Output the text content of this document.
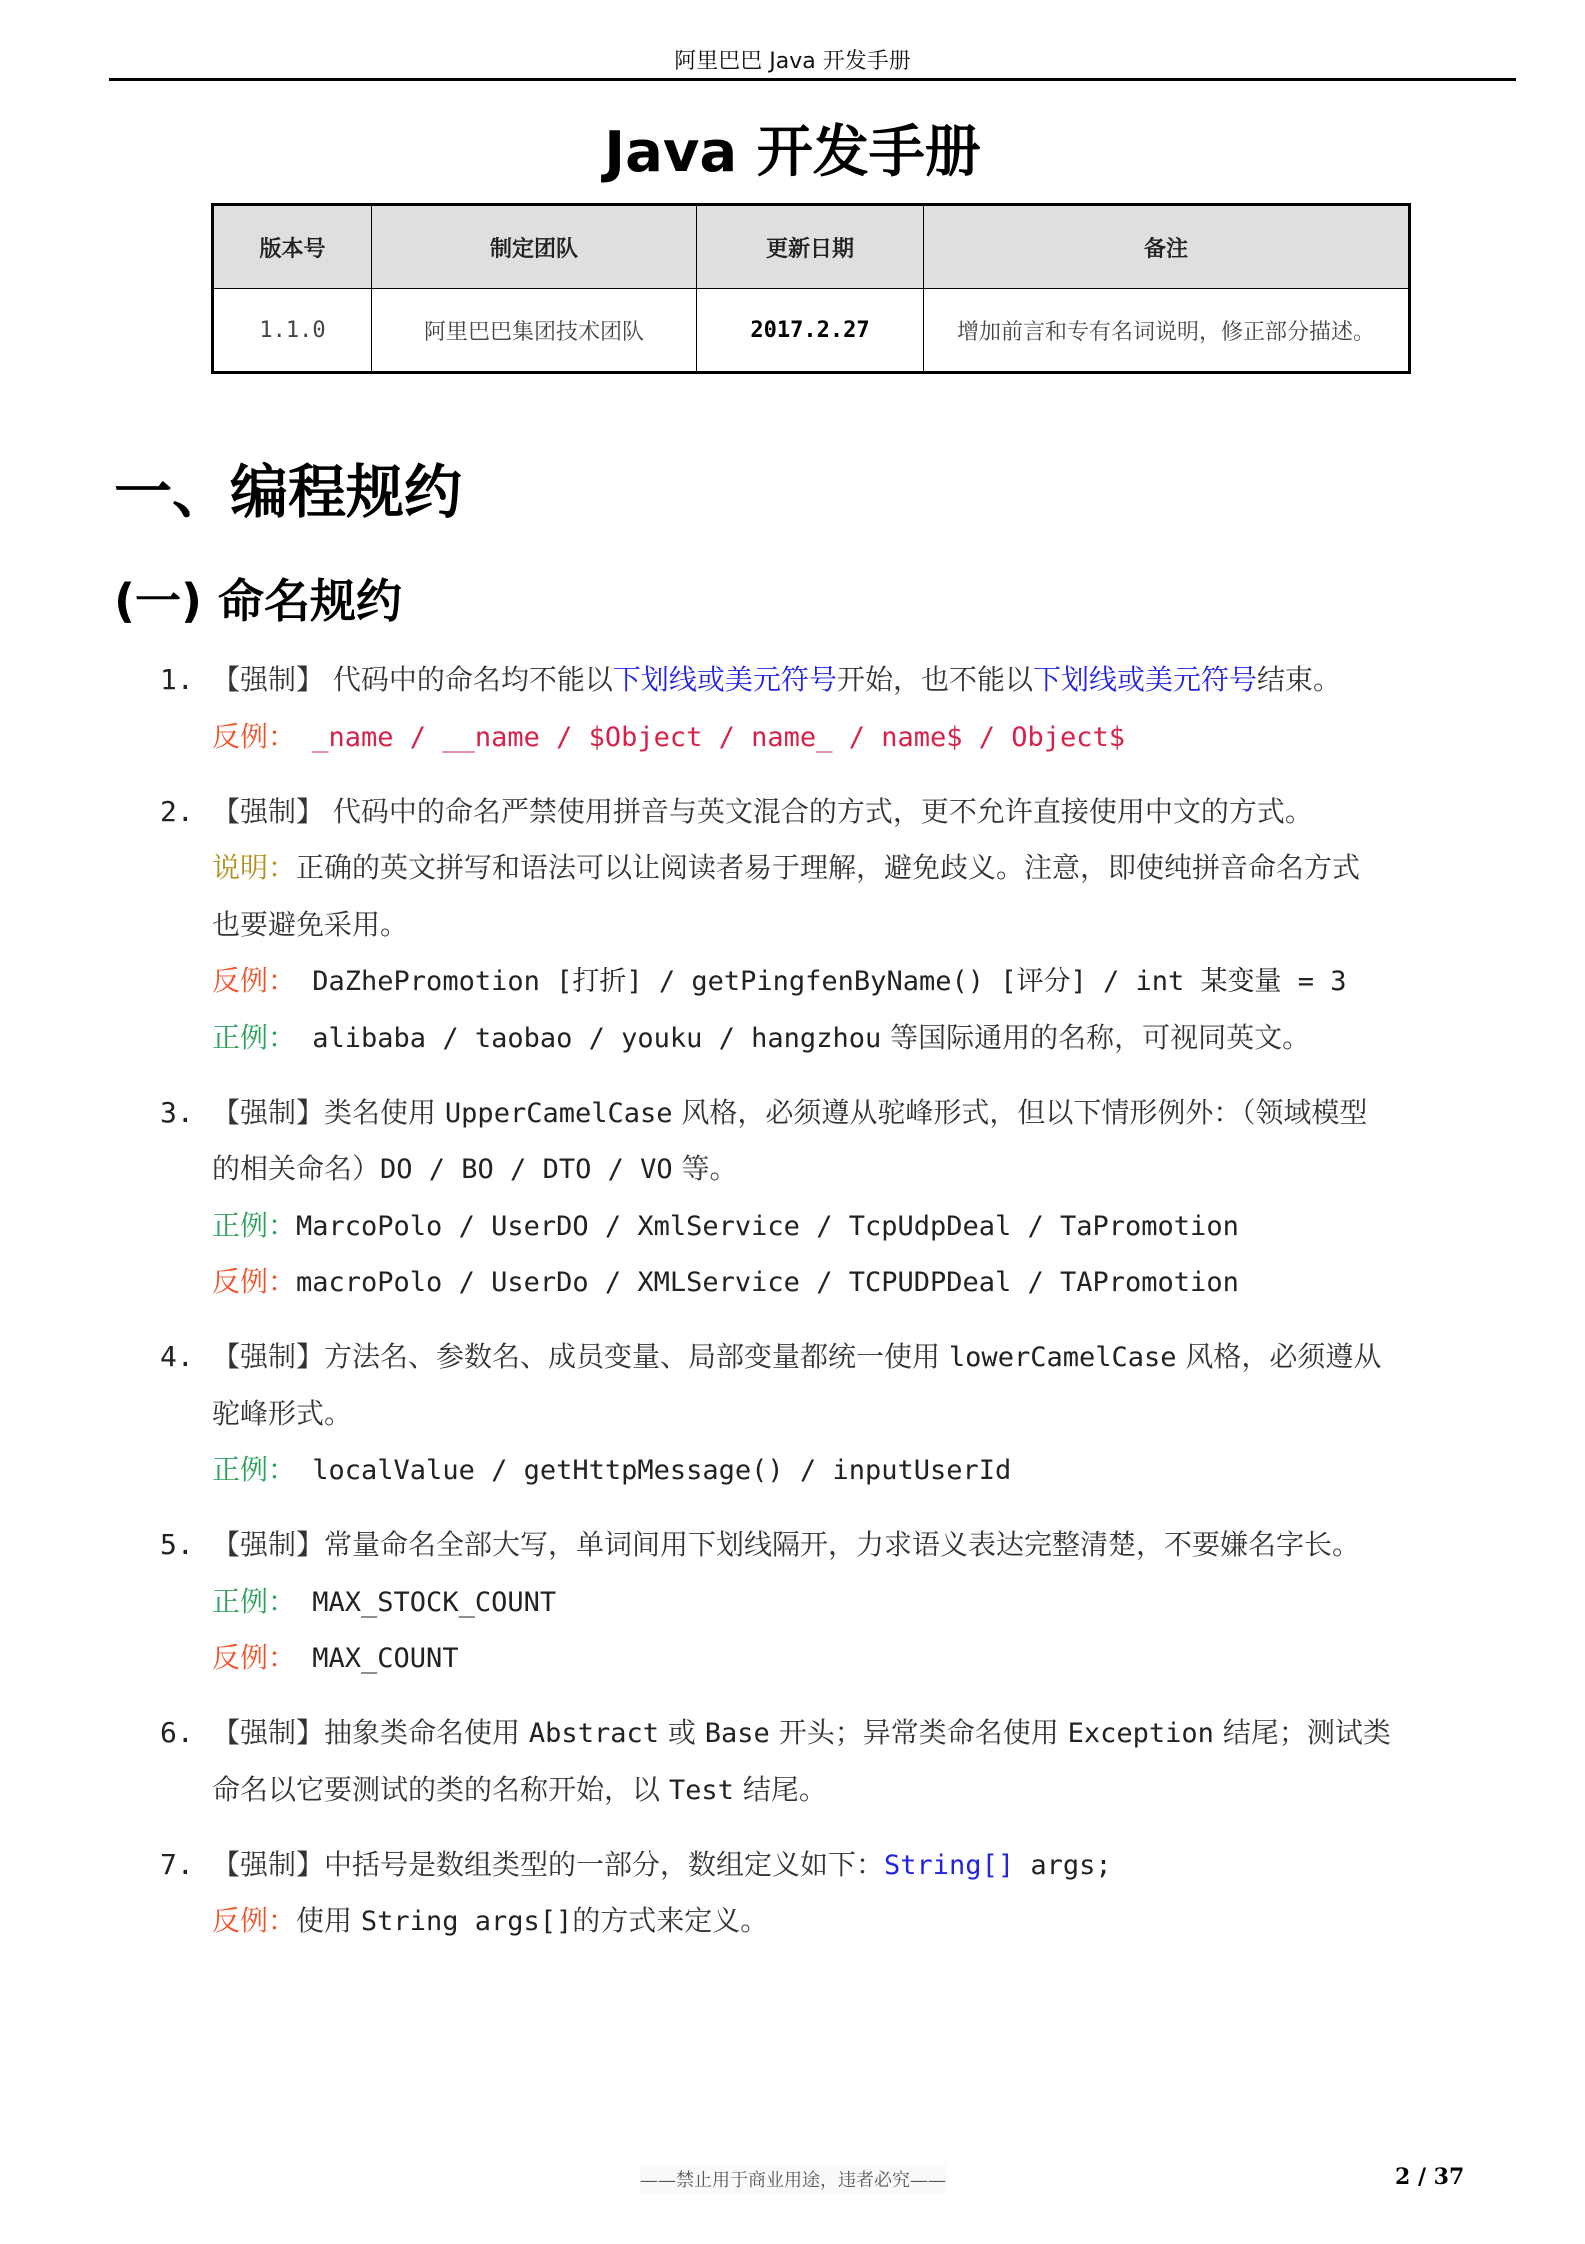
阿里巴巴 Java 开发手册
Java 开发手册
版本号	制定团队	更新日期	备注
1.1.0	阿里巴巴集团技术团队	2017.2.27	增加前言和专有名词说明，修正部分描述。
一、编程规约
(一) 命名规约
1. 【强制】 代码中的命名均不能以下划线或美元符号开始，也不能以下划线或美元符号结束。
反例： _name / __name / $Object / name_ / name$ / Object$
2. 【强制】 代码中的命名严禁使用拼音与英文混合的方式，更不允许直接使用中文的方式。
说明：正确的英文拼写和语法可以让阅读者易于理解，避免歧义。注意，即使纯拼音命名方式
也要避免采用。
反例： DaZhePromotion [打折] / getPingfenByName() [评分] / int 某变量 = 3
正例： alibaba / taobao / youku / hangzhou 等国际通用的名称，可视同英文。
3. 【强制】类名使用 UpperCamelCase 风格，必须遵从驼峰形式，但以下情形例外：（领域模型
的相关命名）DO / BO / DTO / VO 等。
正例：MarcoPolo / UserDO / XmlService / TcpUdpDeal / TaPromotion
反例：macroPolo / UserDo / XMLService / TCPUDPDeal / TAPromotion
4. 【强制】方法名、参数名、成员变量、局部变量都统一使用 lowerCamelCase 风格，必须遵从
驼峰形式。
正例： localValue / getHttpMessage() / inputUserId
5. 【强制】常量命名全部大写，单词间用下划线隔开，力求语义表达完整清楚，不要嫌名字长。
正例： MAX_STOCK_COUNT
反例： MAX_COUNT
6. 【强制】抽象类命名使用 Abstract 或 Base 开头；异常类命名使用 Exception 结尾；测试类
命名以它要测试的类的名称开始，以 Test 结尾。
7. 【强制】中括号是数组类型的一部分，数组定义如下：String[] args;
反例：使用 String args[]的方式来定义。
——禁止用于商业用途，违者必究——	2 / 37
